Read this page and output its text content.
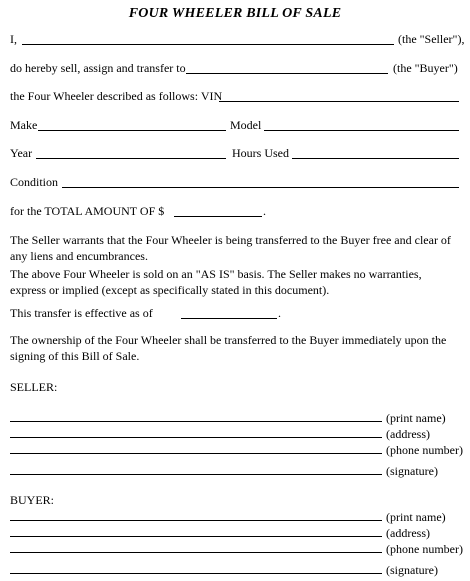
FOUR WHEELER BILL OF SALE
I,	(the "Seller"),
do hereby sell, assign and transfer to	(the "Buyer")
the Four Wheeler described as follows: VIN
Make	Model
Year	Hours Used
Condition
for the TOTAL AMOUNT OF $	.
The Seller warrants that the Four Wheeler is being transferred to the Buyer free and clear of any liens and encumbrances.
The above Four Wheeler is sold on an "AS IS" basis. The Seller makes no warranties, express or implied (except as specifically stated in this document).
This transfer is effective as of	.
The ownership of the Four Wheeler shall be transferred to the Buyer immediately upon the signing of this Bill of Sale.
SELLER:
(print name)
(address)
(phone number)
(signature)
BUYER:
(print name)
(address)
(phone number)
(signature)
